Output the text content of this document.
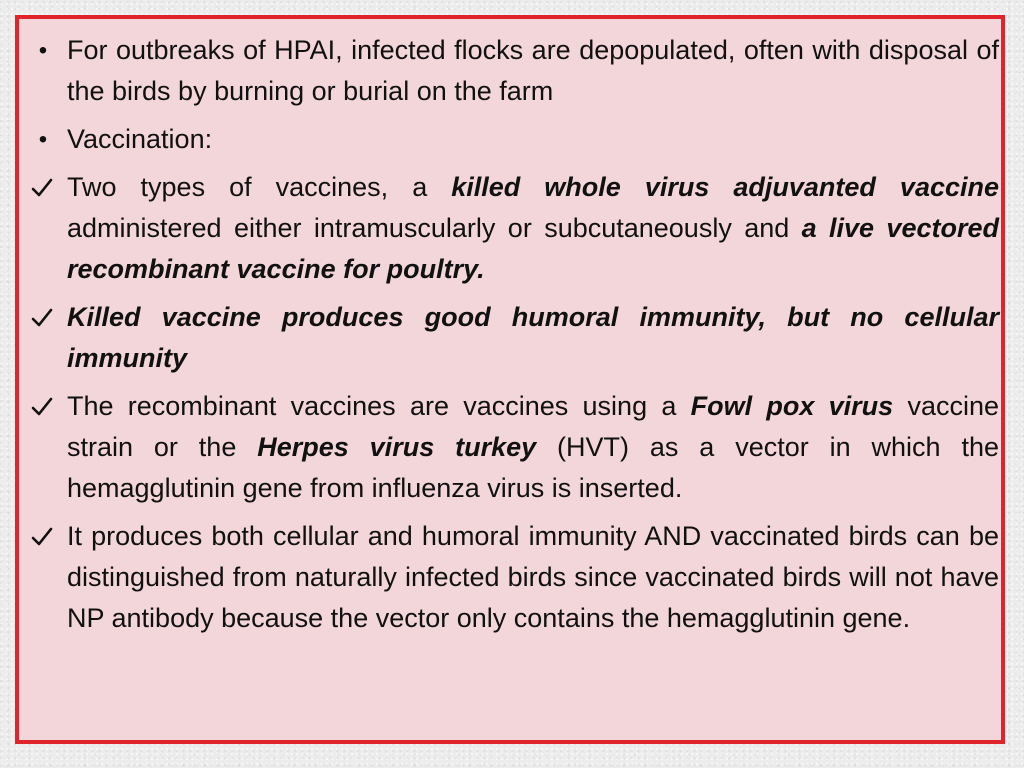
• For outbreaks of HPAI, infected flocks are depopulated, often with disposal of the birds by burning or burial on the farm
• Vaccination:
Two types of vaccines, a killed whole virus adjuvanted vaccine administered either intramuscularly or subcutaneously and a live vectored recombinant vaccine for poultry.
Killed vaccine produces good humoral immunity, but no cellular immunity
The recombinant vaccines are vaccines using a Fowl pox virus vaccine strain or the Herpes virus turkey (HVT) as a vector in which the hemagglutinin gene from influenza virus is inserted.
It produces both cellular and humoral immunity AND vaccinated birds can be distinguished from naturally infected birds since vaccinated birds will not have NP antibody because the vector only contains the hemagglutinin gene.
